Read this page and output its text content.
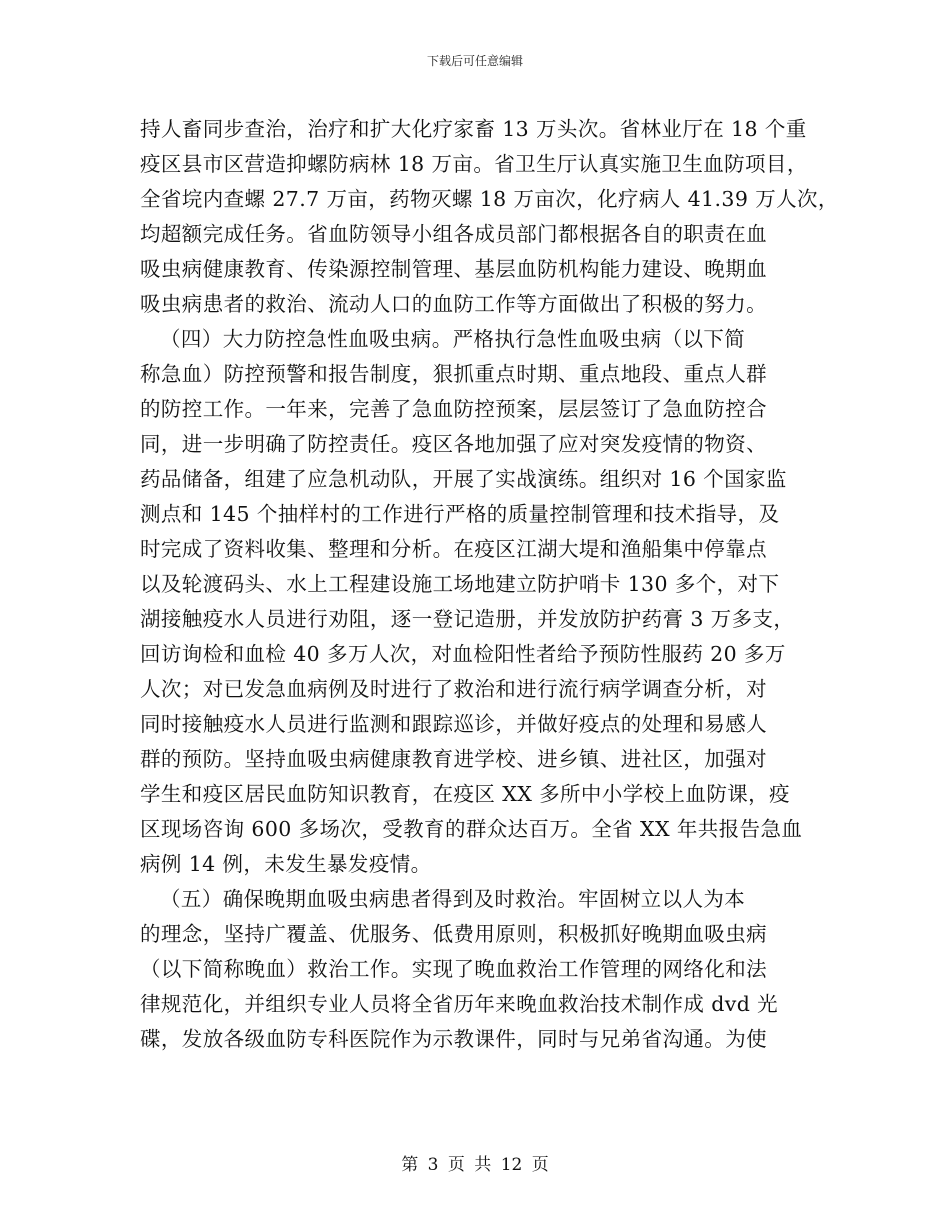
下载后可任意编辑
持人畜同步查治，治疗和扩大化疗家畜 13 万头次。省林业厅在 18 个重
疫区县市区营造抑螺防病林 18 万亩。省卫生厅认真实施卫生血防项目，
全省垸内查螺 27.7 万亩，药物灭螺 18 万亩次，化疗病人 41.39 万人次，
均超额完成任务。省血防领导小组各成员部门都根据各自的职责在血
吸虫病健康教育、传染源控制管理、基层血防机构能力建设、晚期血
吸虫病患者的救治、流动人口的血防工作等方面做出了积极的努力。
（四）大力防控急性血吸虫病。严格执行急性血吸虫病（以下简
称急血）防控预警和报告制度，狠抓重点时期、重点地段、重点人群
的防控工作。一年来，完善了急血防控预案，层层签订了急血防控合
同，进一步明确了防控责任。疫区各地加强了应对突发疫情的物资、
药品储备，组建了应急机动队，开展了实战演练。组织对 16 个国家监
测点和 145 个抽样村的工作进行严格的质量控制管理和技术指导，及
时完成了资料收集、整理和分析。在疫区江湖大堤和渔船集中停靠点
以及轮渡码头、水上工程建设施工场地建立防护哨卡 130 多个，对下
湖接触疫水人员进行劝阻，逐一登记造册，并发放防护药膏 3 万多支，
回访询检和血检 40 多万人次，对血检阳性者给予预防性服药 20 多万
人次；对已发急血病例及时进行了救治和进行流行病学调查分析，对
同时接触疫水人员进行监测和跟踪巡诊，并做好疫点的处理和易感人
群的预防。坚持血吸虫病健康教育进学校、进乡镇、进社区，加强对
学生和疫区居民血防知识教育，在疫区 XX 多所中小学校上血防课，疫
区现场咨询 600 多场次，受教育的群众达百万。全省 XX 年共报告急血
病例 14 例，未发生暴发疫情。
（五）确保晚期血吸虫病患者得到及时救治。牢固树立以人为本
的理念，坚持广覆盖、优服务、低费用原则，积极抓好晚期血吸虫病
（以下简称晚血）救治工作。实现了晚血救治工作管理的网络化和法
律规范化，并组织专业人员将全省历年来晚血救治技术制作成 dvd 光
碟，发放各级血防专科医院作为示教课件，同时与兄弟省沟通。为使
第 3 页 共 12 页
